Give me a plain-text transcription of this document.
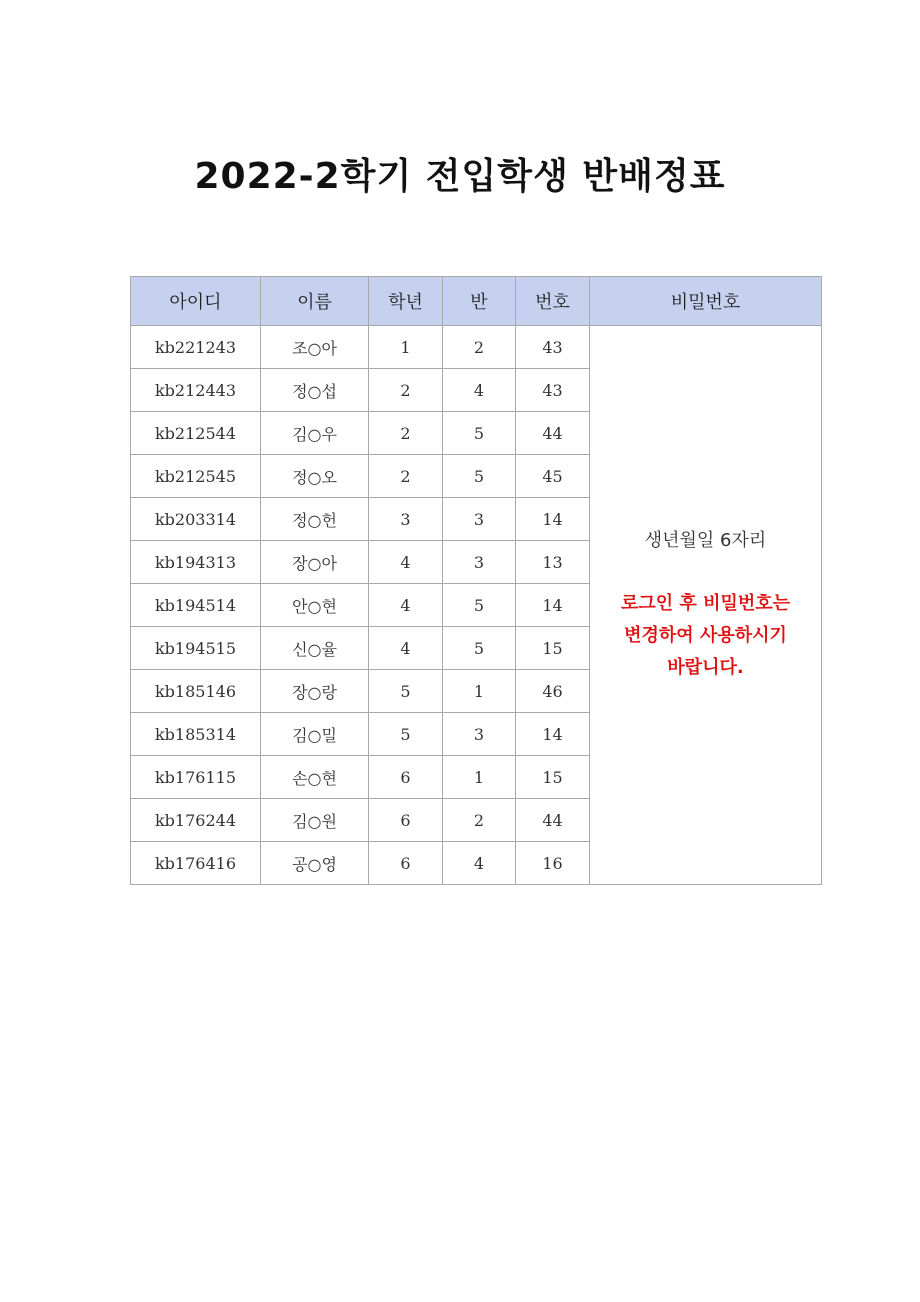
2022-2학기 전입학생 반배정표
아이디	이름	학년	반	번호	비밀번호
kb221243	조○아	1	2	43	생년월일 6자리
로그인 후 비밀번호는
변경하여 사용하시기
바랍니다.

kb212443	정○섭	2	4	43	
kb212544	김○우	2	5	44	
kb212545	정○오	2	5	45	
kb203314	정○헌	3	3	14	
kb194313	장○아	4	3	13	
kb194514	안○현	4	5	14	
kb194515	신○율	4	5	15	
kb185146	장○랑	5	1	46	
kb185314	김○밀	5	3	14	
kb176115	손○현	6	1	15	
kb176244	김○원	6	2	44	
kb176416	공○영	6	4	16	
